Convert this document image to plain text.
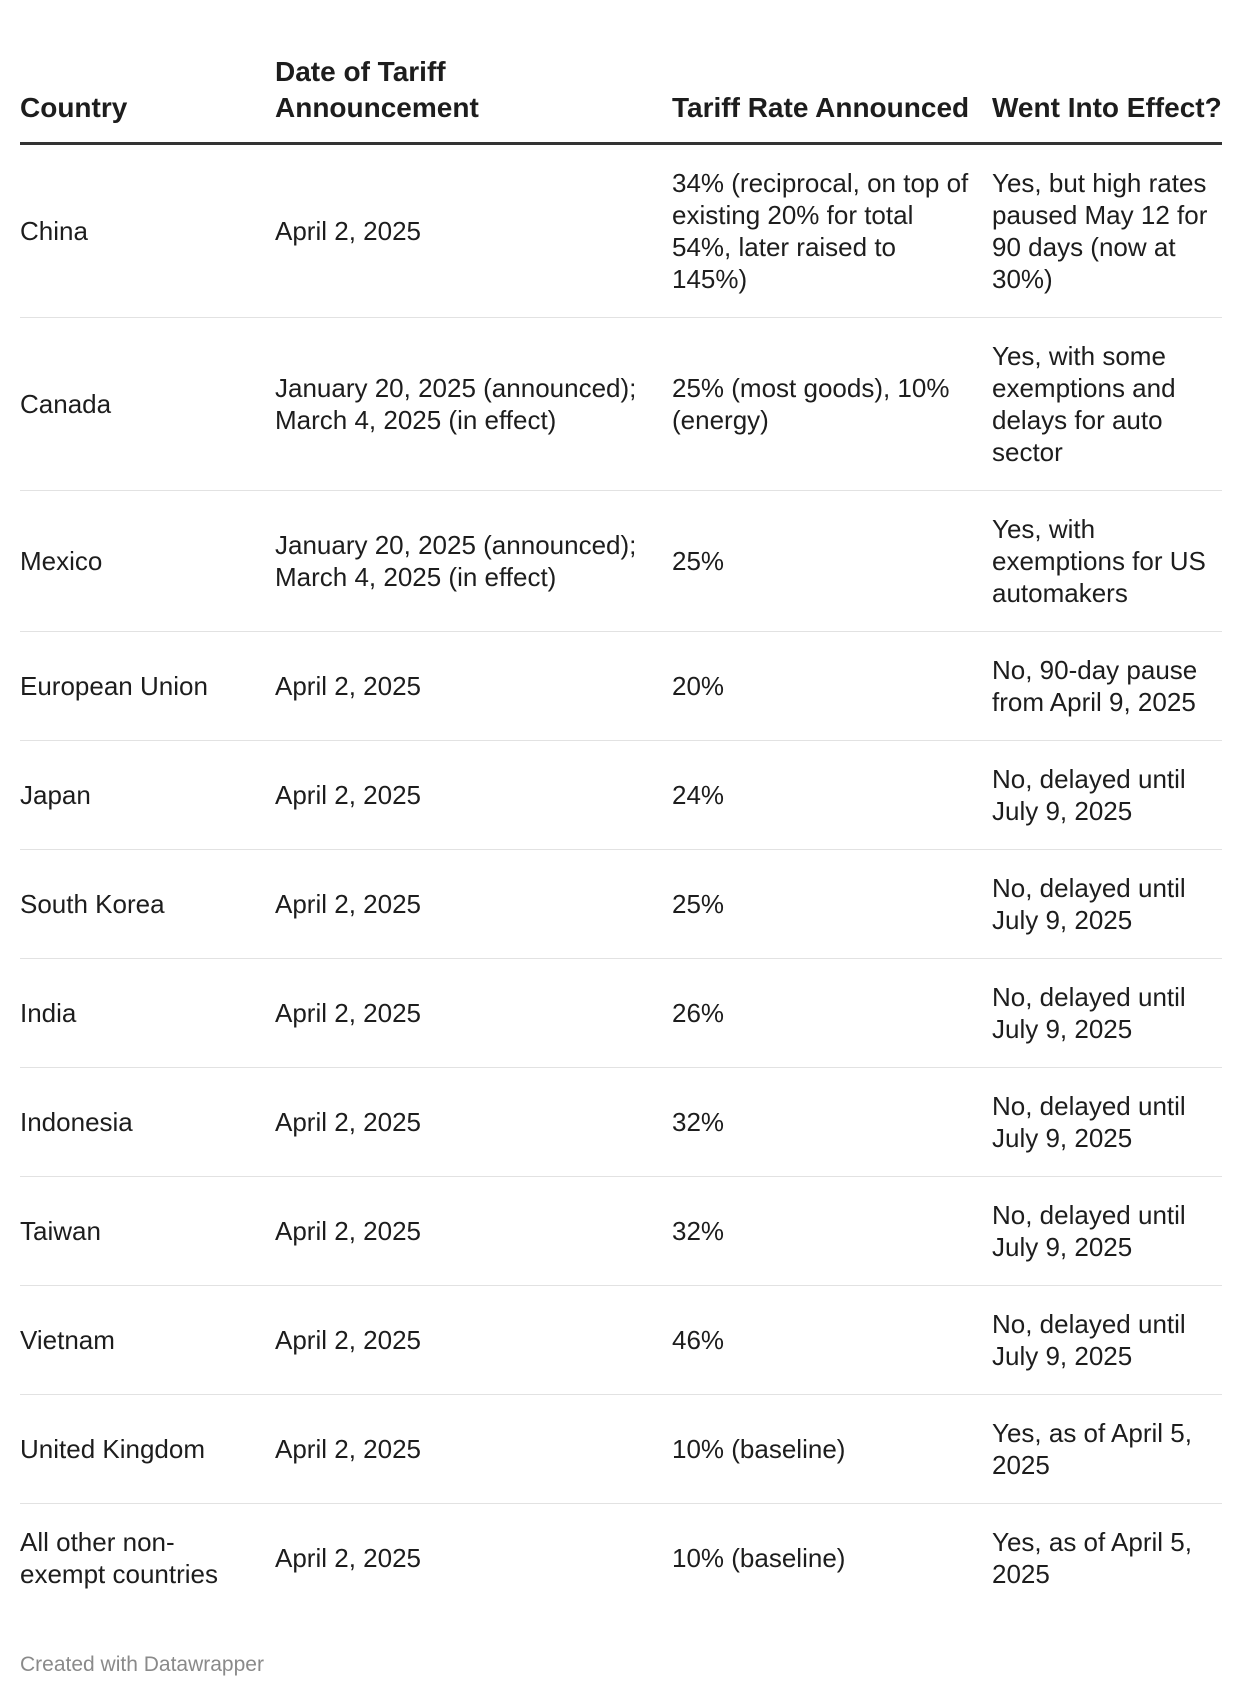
Country	Date of Tariff Announcement	Tariff Rate Announced	Went Into Effect?
China	April 2, 2025	34% (reciprocal, on top of existing 20% for total 54%, later raised to 145%)	Yes, but high rates paused May 12 for 90 days (now at 30%)
Canada	January 20, 2025 (announced); March 4, 2025 (in effect)	25% (most goods), 10% (energy)	Yes, with some exemptions and delays for auto sector
Mexico	January 20, 2025 (announced); March 4, 2025 (in effect)	25%	Yes, with exemptions for US automakers
European Union	April 2, 2025	20%	No, 90-day pause from April 9, 2025
Japan	April 2, 2025	24%	No, delayed until July 9, 2025
South Korea	April 2, 2025	25%	No, delayed until July 9, 2025
India	April 2, 2025	26%	No, delayed until July 9, 2025
Indonesia	April 2, 2025	32%	No, delayed until July 9, 2025
Taiwan	April 2, 2025	32%	No, delayed until July 9, 2025
Vietnam	April 2, 2025	46%	No, delayed until July 9, 2025
United Kingdom	April 2, 2025	10% (baseline)	Yes, as of April 5, 2025
All other non-exempt countries	April 2, 2025	10% (baseline)	Yes, as of April 5, 2025
Created with Datawrapper
